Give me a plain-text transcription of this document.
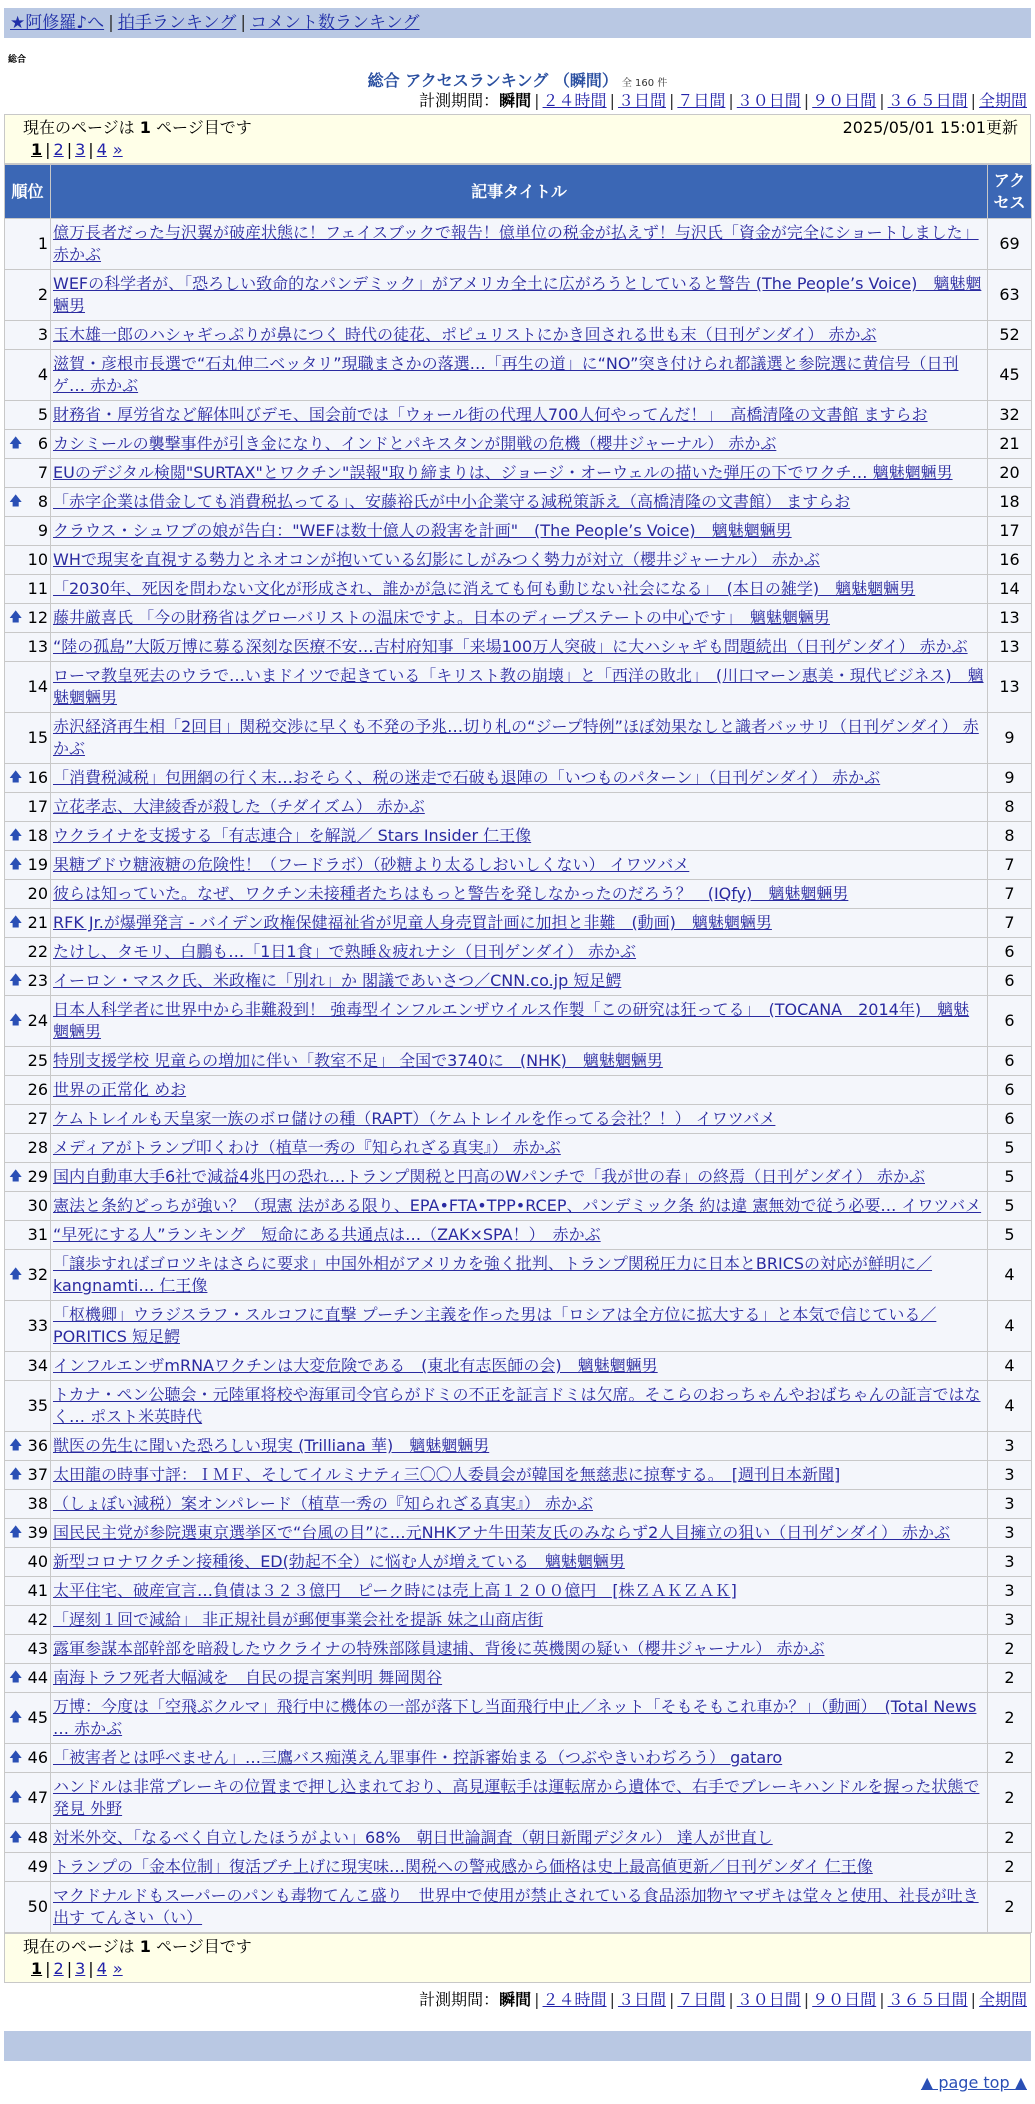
★阿修羅♪へ | 拍手ランキング | コメント数ランキング
総合
総合 アクセスランキング （瞬間） 全 160 件
計測期間：瞬間 | ２４時間 | ３日間 | ７日間 | ３０日間 | ９０日間 | ３６５日間 | 全期間
現在のページは 1 ページ目です	2025/05/01 15:01更新
1 | 2 | 3 | 4 »
順位	記事タイトル	アクセス
1	億万長者だった与沢翼が破産状態に！フェイスブックで報告！億単位の税金が払えず！与沢氏「資金が完全にショートしました」 赤かぶ	69
2	WEFの科学者が、「恐ろしい致命的なパンデミック」がアメリカ全土に広がろうとしていると警告 (The People’s Voice)　魑魅魍魎男	63
3	玉木雄一郎のハシャギっぷりが鼻につく 時代の徒花、ポピュリストにかき回される世も末（日刊ゲンダイ） 赤かぶ	52
4	滋賀・彦根市長選で“石丸伸二ベッタリ”現職まさかの落選…「再生の道」に“NO”突き付けられ都議選と参院選に黄信号（日刊ゲ… 赤かぶ	45
5	財務省・厚労省など解体叫びデモ、国会前では「ウォール街の代理人700人何やってんだ！」　高橋清隆の文書館 ますらお	32

🡅 6	カシミールの襲撃事件が引き金になり、インドとパキスタンが開戦の危機（櫻井ジャーナル） 赤かぶ	21
7	EUのデジタル検閲"SURTAX"とワクチン"誤報"取り締まりは、ジョージ・オーウェルの描いた弾圧の下でワクチ… 魑魅魍魎男	20

🡅 8	「赤字企業は借金しても消費税払ってる」、安藤裕氏が中小企業守る減税策訴え（高橋清隆の文書館） ますらお	18
9	クラウス・シュワブの娘が告白："WEFは数十億人の殺害を計画"　(The People’s Voice)　魑魅魍魎男	17
10	WHで現実を直視する勢力とネオコンが抱いている幻影にしがみつく勢力が対立（櫻井ジャーナル） 赤かぶ	16
11	「2030年、死因を問わない文化が形成され、誰かが急に消えても何も動じない社会になる」　(本日の雑学)　魑魅魍魎男	14

🡅 12	藤井厳喜氏 「今の財務省はグローバリストの温床ですよ。日本のディープステートの中心です」　魑魅魍魎男	13
13	“陸の孤島”大阪万博に募る深刻な医療不安…吉村府知事「来場100万人突破」に大ハシャギも問題続出（日刊ゲンダイ） 赤かぶ	13
14	ローマ教皇死去のウラで…いまドイツで起きている「キリスト教の崩壊」と「西洋の敗北」　(川口マーン惠美・現代ビジネス)　魑魅魍魎男	13
15	赤沢経済再生相「2回目」関税交渉に早くも不発の予兆…切り札の“ジープ特例”ほぼ効果なしと識者バッサリ（日刊ゲンダイ） 赤かぶ	9

🡅 16	「消費税減税」包囲網の行く末…おそらく、税の迷走で石破も退陣の「いつものパターン」（日刊ゲンダイ） 赤かぶ	9
17	立花孝志、大津綾香が殺した（チダイズム） 赤かぶ	8

🡅 18	ウクライナを支援する「有志連合」を解説／ Stars Insider 仁王像	8

🡅 19	果糖ブドウ糖液糖の危険性！（フードラボ）（砂糖より太るしおいしくない） イワツバメ	7
20	彼らは知っていた。なぜ、ワクチン未接種者たちはもっと警告を発しなかったのだろう？　(IQfy)　魑魅魍魎男	7

🡅 21	RFK Jr.が爆弾発言 - バイデン政権保健福祉省が児童人身売買計画に加担と非難　(動画)　魑魅魍魎男	7
22	たけし、タモリ、白鵬も…「1日1食」で熟睡＆疲れナシ（日刊ゲンダイ） 赤かぶ	6

🡅 23	イーロン・マスク氏、米政権に「別れ」か 閣議であいさつ／CNN.co.jp 短足鰐	6

🡅 24	日本人科学者に世界中から非難殺到！ 強毒型インフルエンザウイルス作製「この研究は狂ってる」　(TOCANA　2014年)　魑魅魍魎男	6
25	特別支援学校 児童らの増加に伴い「教室不足」 全国で3740に　(NHK)　魑魅魍魎男	6
26	世界の正常化 めお	6
27	ケムトレイルも天皇家一族のボロ儲けの種（RAPT）（ケムトレイルを作ってる会社？！） イワツバメ	6
28	メディアがトランプ叩くわけ（植草一秀の『知られざる真実』） 赤かぶ	5

🡅 29	国内自動車大手6社で減益4兆円の恐れ…トランプ関税と円高のWパンチで「我が世の春」の終焉（日刊ゲンダイ） 赤かぶ	5
30	憲法と条約どっちが強い？（現憲 法がある限り、EPA•FTA•TPP•RCEP、パンデミック条 約は違 憲無効で従う必要… イワツバメ	5
31	“早死にする人”ランキング　短命にある共通点は…（ZAK×SPA！）　赤かぶ	5

🡅 32	「譲歩すればゴロツキはさらに要求」中国外相がアメリカを強く批判、トランプ関税圧力に日本とBRICSの対応が鮮明に／ kangnamti… 仁王像	4
33	「枢機卿」ウラジスラフ・スルコフに直撃 プーチン主義を作った男は「ロシアは全方位に拡大する」と本気で信じている／ PORITICS 短足鰐	4
34	インフルエンザmRNAワクチンは大変危険である　(東北有志医師の会)　魑魅魍魎男	4
35	トカナ・ペン公聴会・元陸軍将校や海軍司令官らがドミの不正を証言ドミは欠席。そこらのおっちゃんやおばちゃんの証言ではなく… ポスト米英時代	4

🡅 36	獣医の先生に聞いた恐ろしい現実 (Trilliana 華)　魑魅魍魎男	3

🡅 37	太田龍の時事寸評：ＩＭＦ、そしてイルミナティ三〇〇人委員会が韓国を無慈悲に掠奪する。　[週刊日本新聞]	3
38	（しょぼい減税）案オンパレード（植草一秀の『知られざる真実』） 赤かぶ	3

🡅 39	国民民主党が参院選東京選挙区で“台風の目”に…元NHKアナ牛田茉友氏のみならず2人目擁立の狙い（日刊ゲンダイ） 赤かぶ	3
40	新型コロナワクチン接種後、ED(勃起不全）に悩む人が増えている　魑魅魍魎男	3
41	太平住宅、破産宣言…負債は３２３億円　ピーク時には売上高１２００億円　[株ＺＡＫＺＡＫ]	3
42	「遅刻１回で減給」 非正規社員が郵便事業会社を提訴 妹之山商店街	3
43	露軍参謀本部幹部を暗殺したウクライナの特殊部隊員逮捕、背後に英機関の疑い（櫻井ジャーナル） 赤かぶ	2

🡅 44	南海トラフ死者大幅減を　自民の提言案判明 舞岡関谷	2

🡅 45	万博：今度は「空飛ぶクルマ」飛行中に機体の一部が落下し当面飛行中止／ネット「そもそもこれ車か？」（動画）　(Total News … 赤かぶ	2

🡅 46	「被害者とは呼べません」…三鷹バス痴漢えん罪事件・控訴審始まる（つぶやきいわぢろう） gataro	2

🡅 47	ハンドルは非常ブレーキの位置まで押し込まれており、高見運転手は運転席から遺体で、右手でブレーキハンドルを握った状態で発見 外野	2

🡅 48	対米外交、「なるべく自立したほうがよい」68%　朝日世論調査（朝日新聞デジタル） 達人が世直し	2
49	トランプの「金本位制」復活ブチ上げに現実味…関税への警戒感から価格は史上最高値更新／日刊ゲンダイ 仁王像	2
50	マクドナルドもスーパーのパンも毒物てんこ盛り　世界中で使用が禁止されている食品添加物ヤマザキは堂々と使用、社長が吐き出す てんさい（い）	2
現在のページは 1 ページ目です
1 | 2 | 3 | 4 »
計測期間：瞬間 | ２４時間 | ３日間 | ７日間 | ３０日間 | ９０日間 | ３６５日間 | 全期間
▲ page top ▲
